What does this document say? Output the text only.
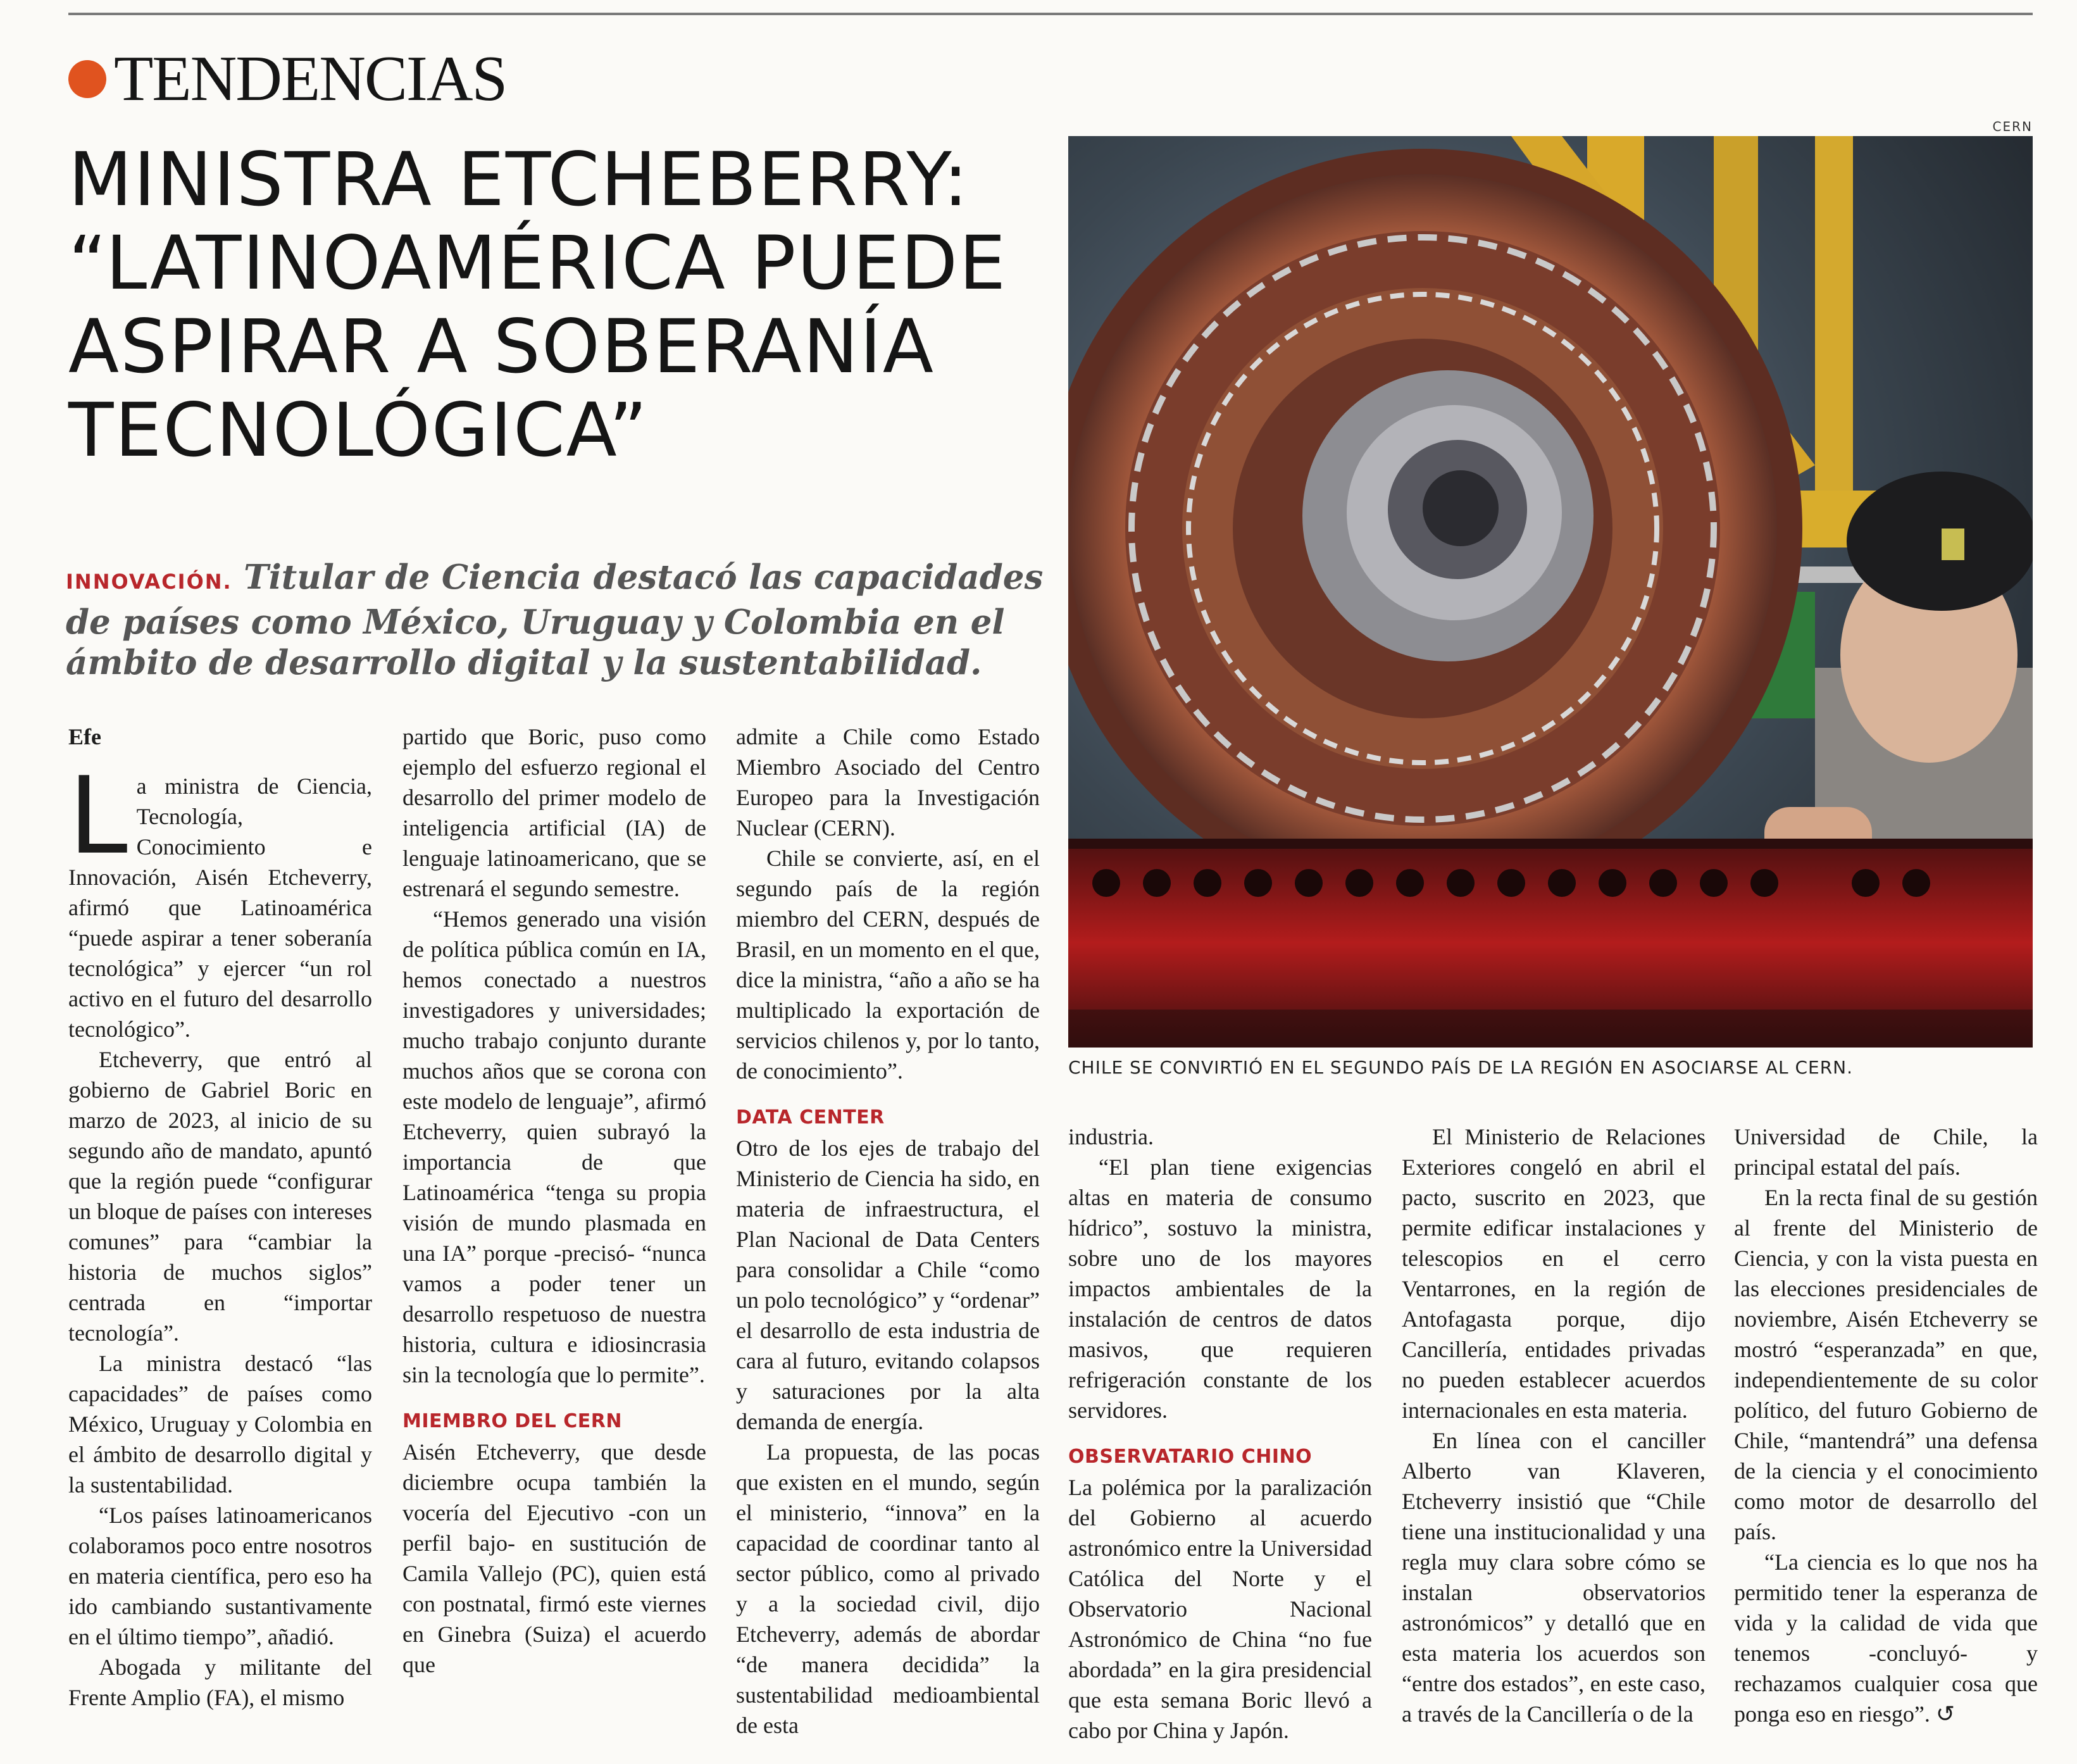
TENDENCIAS
MINISTRA ETCHEBERRY:
“LATINOAMÉRICA PUEDE
ASPIRAR A SOBERANÍA
TECNOLÓGICA”
INNOVACIÓN. Titular de Ciencia destacó las capacidades de países como México, Uruguay y Colombia en el ámbito de desarrollo digital y la sustentabilidad.
CERN
CHILE SE CONVIRTIÓ EN EL SEGUNDO PAÍS DE LA REGIÓN EN ASOCIARSE AL CERN.

Efe

La ministra de Ciencia, Tecnología, Conocimiento e Innovación, Aisén Etcheverry, afirmó que Latinoamérica “puede aspirar a tener soberanía tecnológica” y ejercer “un rol activo en el futuro del desarrollo tecnológico”.

Etcheverry, que entró al gobierno de Gabriel Boric en marzo de 2023, al inicio de su segundo año de mandato, apuntó que la región puede “configurar un bloque de países con intereses comunes” para “cambiar la historia de muchos siglos” centrada en “importar tecnología”.

La ministra destacó “las capacidades” de países como México, Uruguay y Colombia en el ámbito de desarrollo digital y la sustentabilidad.

“Los países latinoamericanos colaboramos poco entre nosotros en materia científica, pero eso ha ido cambiando sustantivamente en el último tiempo”, añadió.

Abogada y militante del Frente Amplio (FA), el mismo

partido que Boric, puso como ejemplo del esfuerzo regional el desarrollo del primer modelo de inteligencia artificial (IA) de lenguaje latinoamericano, que se estrenará el segundo semestre.

“Hemos generado una visión de política pública común en IA, hemos conectado a nuestros investigadores y universidades; mucho trabajo conjunto durante muchos años que se corona con este modelo de lenguaje”, afirmó Etcheverry, quien subrayó la importancia de que Latinoamérica “tenga su propia visión de mundo plasmada en una IA” porque -precisó- “nunca vamos a poder tener un desarrollo respetuoso de nuestra historia, cultura e idiosincrasia sin la tecnología que lo permite”.

MIEMBRO DEL CERN

Aisén Etcheverry, que desde diciembre ocupa también la vocería del Ejecutivo -con un perfil bajo- en sustitución de Camila Vallejo (PC), quien está con postnatal, firmó este viernes en Ginebra (Suiza) el acuerdo que

admite a Chile como Estado Miembro Asociado del Centro Europeo para la Investigación Nuclear (CERN).

Chile se convierte, así, en el segundo país de la región miembro del CERN, después de Brasil, en un momento en el que, dice la ministra, “año a año se ha multiplicado la exportación de servicios chilenos y, por lo tanto, de conocimiento”.

DATA CENTER

Otro de los ejes de trabajo del Ministerio de Ciencia ha sido, en materia de infraestructura, el Plan Nacional de Data Centers para consolidar a Chile “como un polo tecnológico” y “ordenar” el desarrollo de esta industria de cara al futuro, evitando colapsos y saturaciones por la alta demanda de energía.

La propuesta, de las pocas que existen en el mundo, según el ministerio, “innova” en la capacidad de coordinar tanto al sector público, como al privado y a la sociedad civil, dijo Etcheverry, además de abordar “de manera decidida” la sustentabilidad medioambiental de esta

industria.

“El plan tiene exigencias altas en materia de consumo hídrico”, sostuvo la ministra, sobre uno de los mayores impactos ambientales de la instalación de centros de datos masivos, que requieren refrigeración constante de los servidores.

OBSERVATARIO CHINO

La polémica por la paralización del Gobierno al acuerdo astronómico entre la Universidad Católica del Norte y el Observatorio Nacional Astronómico de China “no fue abordada” en la gira presidencial que esta semana Boric llevó a cabo por China y Japón.

El Ministerio de Relaciones Exteriores congeló en abril el pacto, suscrito en 2023, que permite edificar instalaciones y telescopios en el cerro Ventarrones, en la región de Antofagasta porque, dijo Cancillería, entidades privadas no pueden establecer acuerdos internacionales en esta materia.

En línea con el canciller Alberto van Klaveren, Etcheverry insistió que “Chile tiene una institucionalidad y una regla muy clara sobre cómo se instalan observatorios astronómicos” y detalló que en esta materia los acuerdos son “entre dos estados”, en este caso, a través de la Cancillería o de la

Universidad de Chile, la principal estatal del país.

En la recta final de su gestión al frente del Ministerio de Ciencia, y con la vista puesta en las elecciones presidenciales de noviembre, Aisén Etcheverry se mostró “esperanzada” en que, independientemente de su color político, del futuro Gobierno de Chile, “mantendrá” una defensa de la ciencia y el conocimiento como motor de desarrollo del país.

“La ciencia es lo que nos ha permitido tener la esperanza de vida y la calidad de vida que tenemos -concluyó- y rechazamos cualquier cosa que ponga eso en riesgo”. ↺
